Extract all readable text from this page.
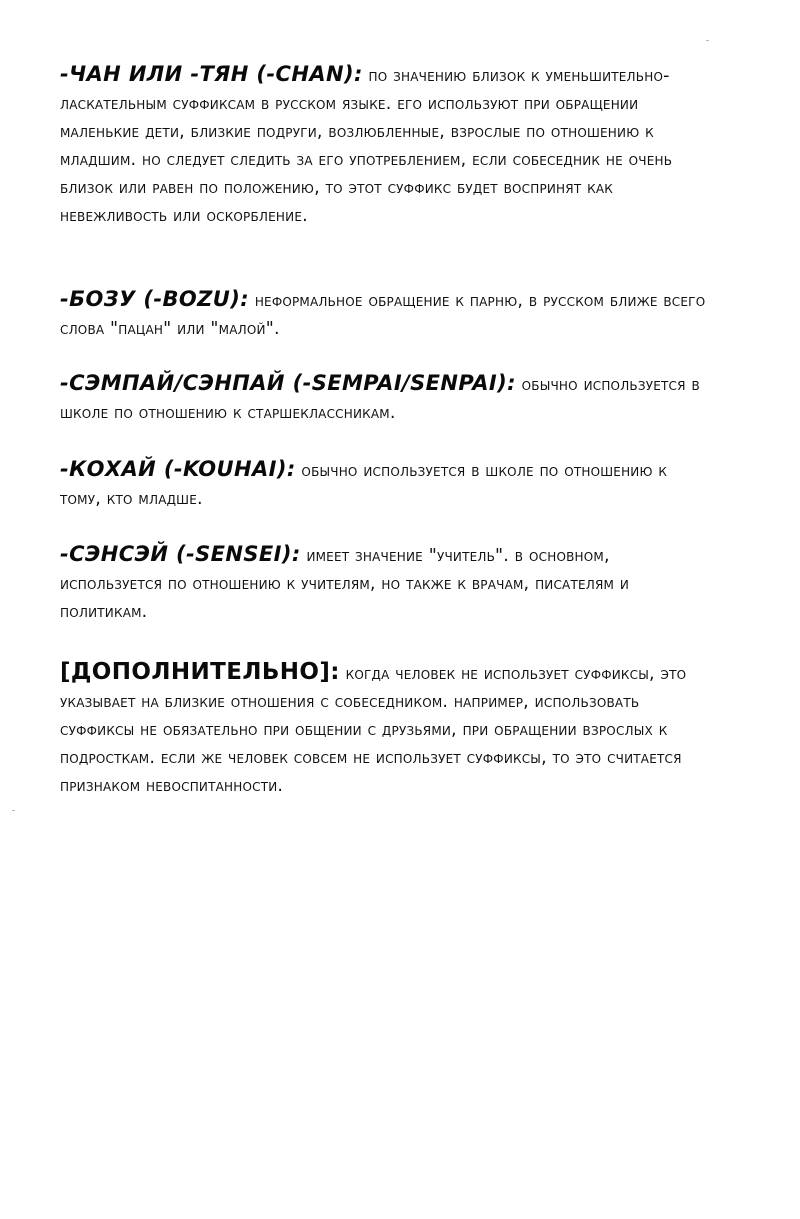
-ЧАН ИЛИ -ТЯН (-CHAN): по значению близок к уменьшительно-ласкательным суффиксам в русском языке. его используют при обращении маленькие дети, близкие подруги, возлюбленные, взрослые по отношению к младшим. но следует следить за его употреблением, если собеседник не очень близок или равен по положению, то этот суффикс будет воспринят как невежливость или оскорбление.
-БОЗУ (-BOZU): неформальное обращение к парню, в русском ближе всего слова "пацан" или "малой".
-СЭМПАЙ/СЭНПАЙ (-SEMPAI/SENPAI): обычно используется в школе по отношению к старшеклассникам.
-КОХАЙ (-KOUHAI): обычно используется в школе по отношению к тому, кто младше.
-СЭНСЭЙ (-SENSEI): имеет значение "учитель". в основном, используется по отношению к учителям, но также к врачам, писателям и политикам.
[ДОПОЛНИТЕЛЬНО]: когда человек не использует суффиксы, это указывает на близкие отношения с собеседником. например, использовать суффиксы не обязательно при общении с друзьями, при обращении взрослых к подросткам. если же человек совсем не использует суффиксы, то это считается признаком невоспитанности.
